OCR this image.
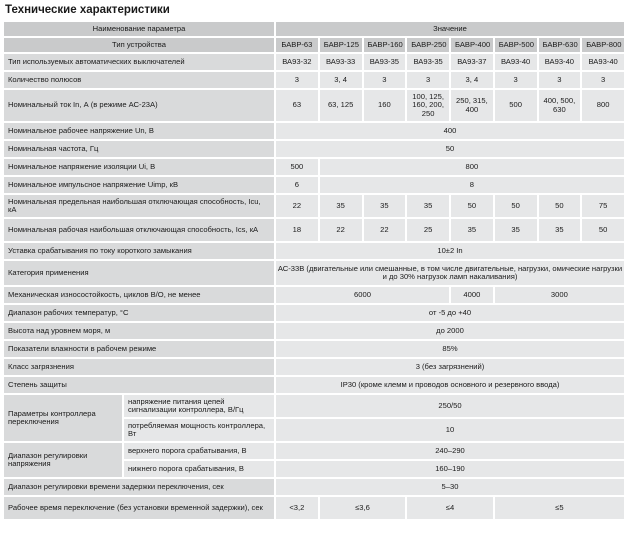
Технические характеристики
Наименование параметра		Значение							
Тип устройства		БАВР-63	БАВР-125	БАВР-160	БАВР-250	БАВР-400	БАВР-500	БАВР-630	БАВР-800
Тип используемых автоматических выключателей		ВА93-32	ВА93-33	ВА93-35	ВА93-35	ВА93-37	ВА93-40	ВА93-40	ВА93-40
Количество полюсов		3	3, 4	3	3	3, 4	3	3	3
Номинальный ток In, А (в режиме АС-23А)		63	63, 125	160	100, 125, 160, 200, 250	250, 315, 400	500	400, 500, 630	800
Номинальное рабочее напряжение Un, В		400							
Номинальная частота, Гц		50							
Номинальное напряжение изоляции Ui, В		500	800						
Номинальное импульсное напряжение Uimp, кВ		6	8						
Номинальная предельная наибольшая отключающая способность, Icu, кА		22	35	35	35	50	50	50	75
Номинальная рабочая наибольшая отключающая способность, Ics, кА		18	22	22	25	35	35	35	50
Уставка срабатывания по току короткого замыкания		10±2 In							
Категория применения		АС-33В (двигательные или смешанные, в том числе двигательные, нагрузки, омические нагрузки и до 30% нагрузок ламп накаливания)							
Механическая износостойкость, циклов В/О, не менее		6000				4000	3000		
Диапазон рабочих температур, °С		от -5 до +40							
Высота над уровнем моря, м		до 2000							
Показатели влажности в рабочем режиме		85%							
Класс загрязнения		3 (без загрязнений)							
Степень защиты		IP30 (кроме клемм и проводов основного и резервного ввода)							
Параметры контроллера переключения	напряжение питания цепей сигнализации контроллера, В/Гц	250/50							
	потребляемая мощность контроллера, Вт	10							
Диапазон регулировки напряжения	верхнего порога срабатывания, В	240–290							
	нижнего порога срабатывания, В	160–190							
Диапазон регулировки времени задержки переключения, сек		5–30							
Рабочее время переключение (без установки временной задержки), сек		<3,2	≤3,6		≤4		≤5		
